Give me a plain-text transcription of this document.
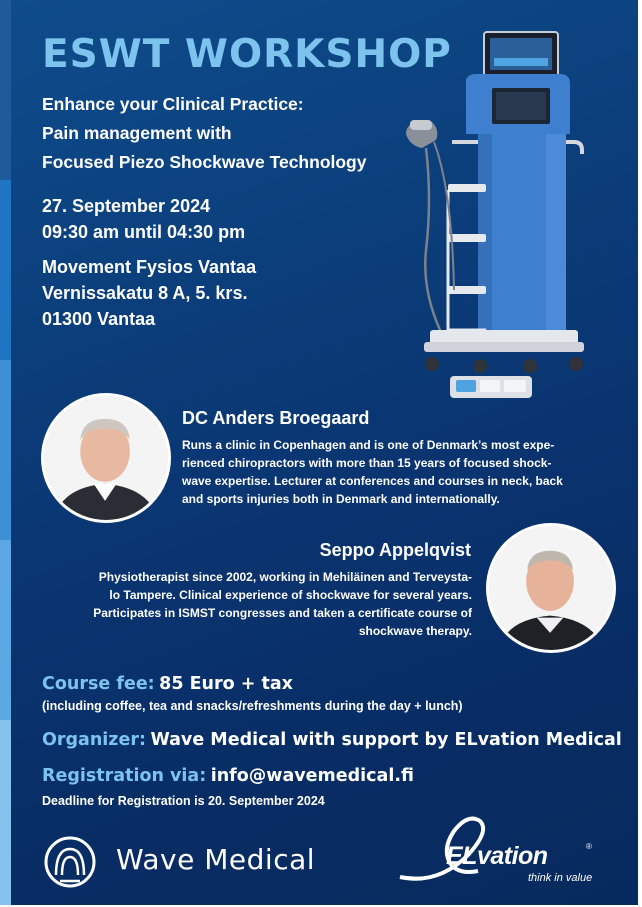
ESWT WORKSHOP
Enhance your Clinical Practice:
Pain management with
Focused Piezo Shockwave Technology
27. September 2024
09:30 am until 04:30 pm
Movement Fysios Vantaa
Vernissakatu 8 A, 5. krs.
01300 Vantaa
DC Anders Broegaard
Runs a clinic in Copenhagen and is one of Denmark’s most expe-
rienced chiropractors with more than 15 years of focused shock-
wave expertise. Lecturer at conferences and courses in neck, back
and sports injuries both in Denmark and internationally.
Seppo Appelqvist
Physiotherapist since 2002, working in Mehiläinen and Terveysta-
lo Tampere. Clinical experience of shockwave for several years.
Participates in ISMST congresses and taken a certificate course of
shockwave therapy.
Course fee: 85 Euro + tax
(including coffee, tea and snacks/refreshments during the day + lunch)
Organizer: Wave Medical with support by ELvation Medical
Registration via: info@wavemedical.fi
Deadline for Registration is 20. September 2024
Wave Medical	ELvation	®
think in value
